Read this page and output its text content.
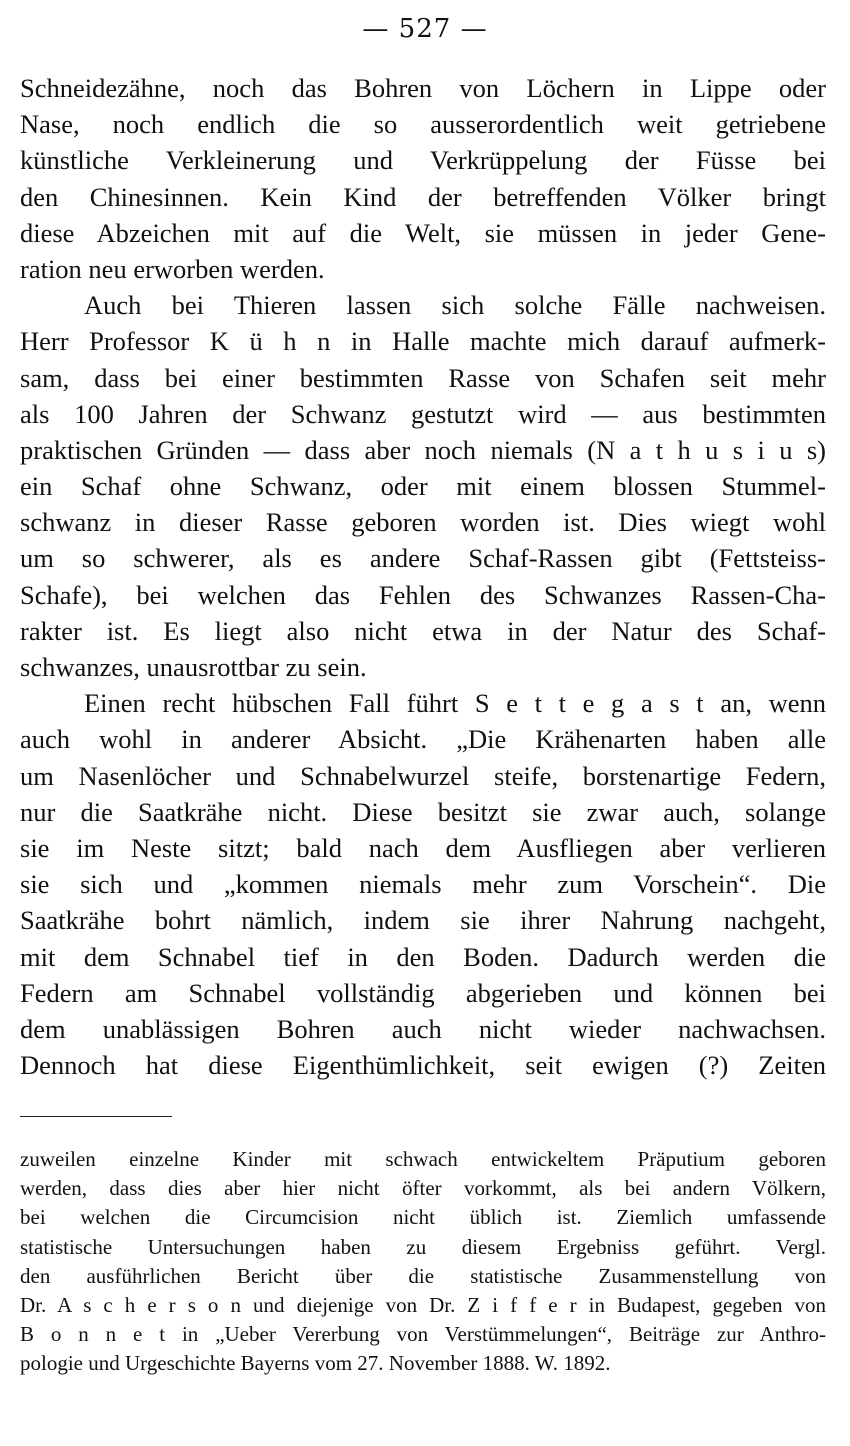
— 527 —
Schneidezähne, noch das Bohren von Löchern in Lippe oder
Nase, noch endlich die so ausserordentlich weit getriebene
künstliche Verkleinerung und Verkrüppelung der Füsse bei
den Chinesinnen. Kein Kind der betreffenden Völker bringt
diese Abzeichen mit auf die Welt, sie müssen in jeder Gene-
ration neu erworben werden.
Auch bei Thieren lassen sich solche Fälle nachweisen.
Herr Professor K ü h n in Halle machte mich darauf aufmerk-
sam, dass bei einer bestimmten Rasse von Schafen seit mehr
als 100 Jahren der Schwanz gestutzt wird — aus bestimmten
praktischen Gründen — dass aber noch niemals (N a t h u s i u s)
ein Schaf ohne Schwanz, oder mit einem blossen Stummel-
schwanz in dieser Rasse geboren worden ist. Dies wiegt wohl
um so schwerer, als es andere Schaf-Rassen gibt (Fettsteiss-
Schafe), bei welchen das Fehlen des Schwanzes Rassen-Cha-
rakter ist. Es liegt also nicht etwa in der Natur des Schaf-
schwanzes, unausrottbar zu sein.
Einen recht hübschen Fall führt S e t t e g a s t an, wenn
auch wohl in anderer Absicht. „Die Krähenarten haben alle
um Nasenlöcher und Schnabelwurzel steife, borstenartige Federn,
nur die Saatkrähe nicht. Diese besitzt sie zwar auch, solange
sie im Neste sitzt; bald nach dem Ausfliegen aber verlieren
sie sich und „kommen niemals mehr zum Vorschein“. Die
Saatkrähe bohrt nämlich, indem sie ihrer Nahrung nachgeht,
mit dem Schnabel tief in den Boden. Dadurch werden die
Federn am Schnabel vollständig abgerieben und können bei
dem unablässigen Bohren auch nicht wieder nachwachsen.
Dennoch hat diese Eigenthümlichkeit, seit ewigen (?) Zeiten
zuweilen einzelne Kinder mit schwach entwickeltem Präputium geboren
werden, dass dies aber hier nicht öfter vorkommt, als bei andern Völkern,
bei welchen die Circumcision nicht üblich ist. Ziemlich umfassende
statistische Untersuchungen haben zu diesem Ergebniss geführt. Vergl.
den ausführlichen Bericht über die statistische Zusammenstellung von
Dr. A s c h e r s o n und diejenige von Dr. Z i f f e r in Budapest, gegeben von
B o n n e t in „Ueber Vererbung von Verstümmelungen“, Beiträge zur Anthro-
pologie und Urgeschichte Bayerns vom 27. November 1888. W. 1892.
